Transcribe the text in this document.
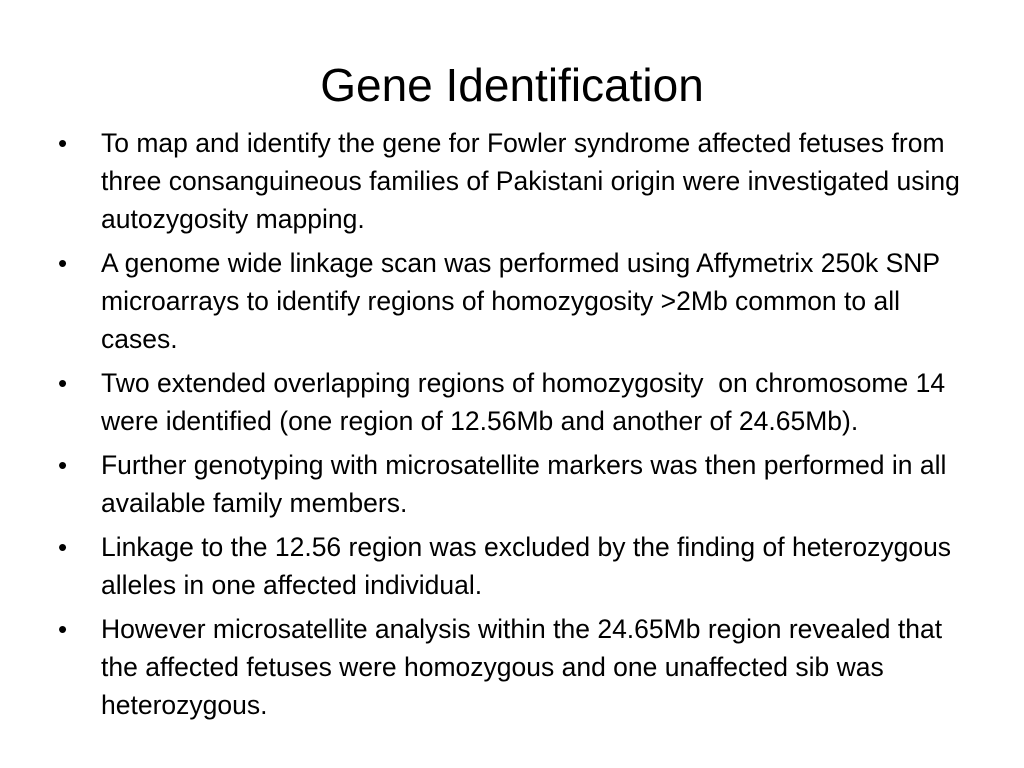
Gene Identification
•	To map and identify the gene for Fowler syndrome affected fetuses from  three consanguineous families of Pakistani origin were investigated using autozygosity mapping.
•	A genome wide linkage scan was performed using Affymetrix 250k SNP microarrays to identify regions of homozygosity >2Mb common to all cases.
•	Two extended overlapping regions of homozygosity  on chromosome 14 were identified (one region of 12.56Mb and another of 24.65Mb).
•	Further genotyping with microsatellite markers was then performed in all available family members.
•	Linkage to the 12.56 region was excluded by the finding of heterozygous alleles in one affected individual.
•	However microsatellite analysis within the 24.65Mb region revealed that the affected fetuses were homozygous and one unaffected sib was heterozygous.
